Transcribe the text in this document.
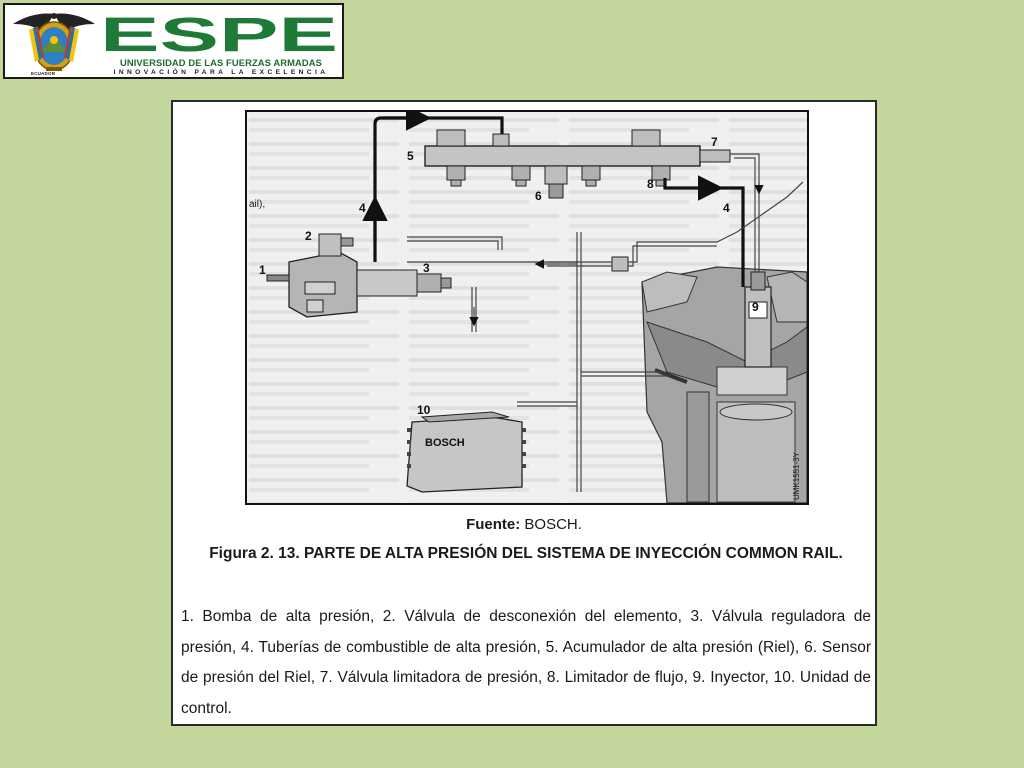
ECUADOR
ESPE
UNIVERSIDAD DE LAS FUERZAS ARMADAS
INNOVACIÓN PARA LA EXCELENCIA
BOSCH
ail),
1
2
3
4
5
6
7
8
4
9
10
UMK1551-3Y
Fuente: BOSCH.
Figura 2. 13. PARTE DE ALTA PRESIÓN DEL SISTEMA DE INYECCIÓN COMMON RAIL.
1. Bomba de alta presión, 2. Válvula de desconexión del elemento, 3. Válvula reguladora de presión, 4. Tuberías de combustible de alta presión, 5. Acumulador de alta presión (Riel), 6. Sensor de presión del Riel, 7. Válvula limitadora de presión, 8. Limitador de flujo, 9. Inyector, 10. Unidad de control.
